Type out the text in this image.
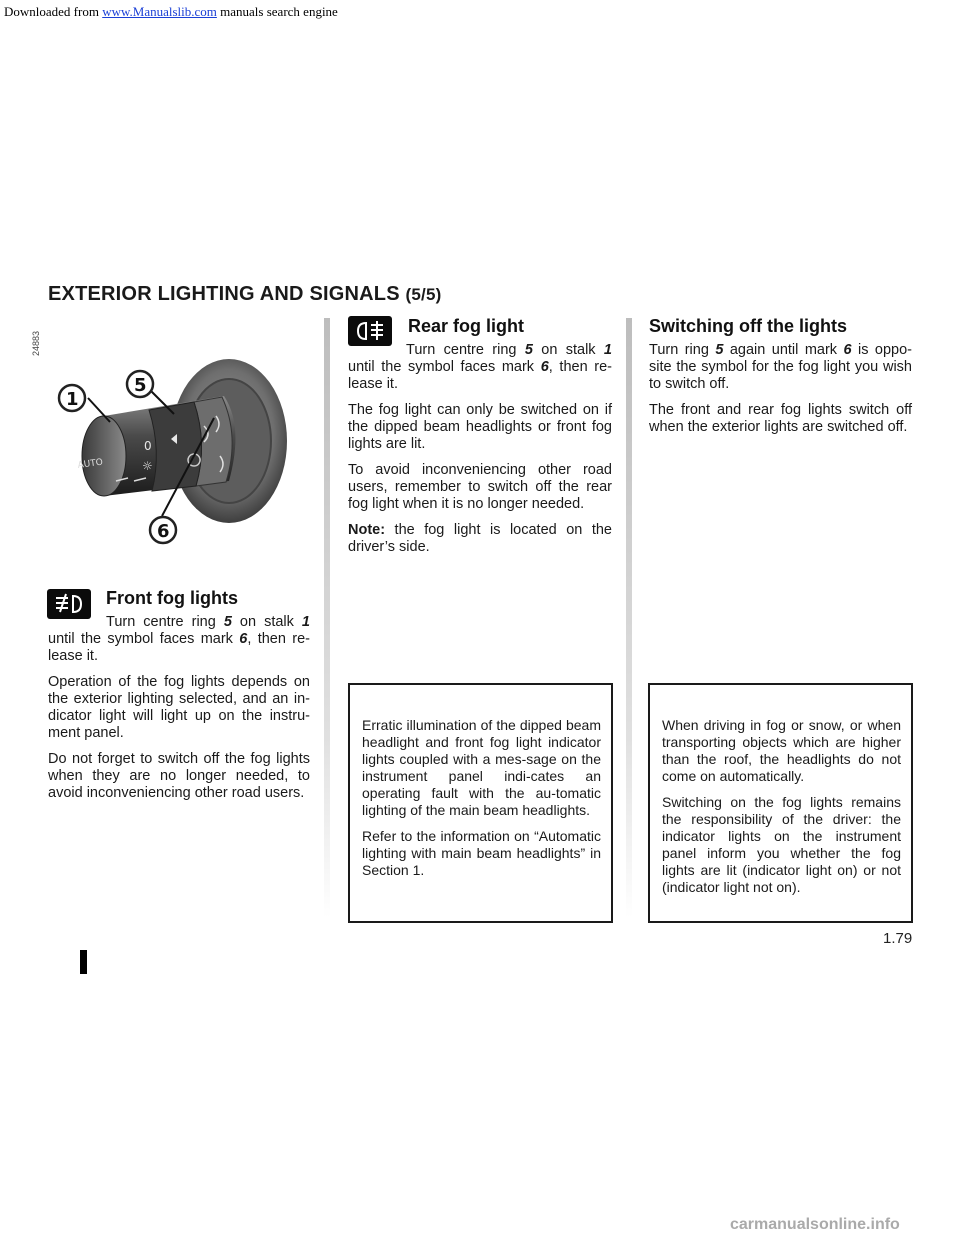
Downloaded from www.Manualslib.com manuals search engine
EXTERIOR LIGHTING AND SIGNALS (5/5)
24883
AUTO
0
☼
1
5
6
Front fog lights

Turn centre ring 5 on stalk 1 until the symbol faces mark 6, then re-lease it.

Operation of the fog lights depends on the exterior lighting selected, and an in-dicator light will light up on the instru-ment panel.

Do not forget to switch off the fog lights when they are no longer needed, to avoid inconveniencing other road users.

Rear fog light

Turn centre ring 5 on stalk 1 until the symbol faces mark 6, then re-lease it.

The fog light can only be switched on if the dipped beam headlights or front fog lights are lit.

To avoid inconveniencing other road users, remember to switch off the rear fog light when it is no longer needed.

Note: the fog light is located on the driver’s side.

Switching off the lights

Turn ring 5 again until mark 6 is oppo-site the symbol for the fog light you wish to switch off.

The front and rear fog lights switch off when the exterior lights are switched off.

Erratic illumination of the dipped beam headlight and front fog light indicator lights coupled with a mes-sage on the instrument panel indi-cates an operating fault with the au-tomatic lighting of the main beam headlights.

Refer to the information on “Automatic lighting with main beam headlights” in Section 1.

When driving in fog or snow, or when transporting objects which are higher than the roof, the headlights do not come on automatically.

Switching on the fog lights remains the responsibility of the driver: the indicator lights on the instrument panel inform you whether the fog lights are lit (indicator light on) or not (indicator light not on).

1.79
carmanualsonline.info
